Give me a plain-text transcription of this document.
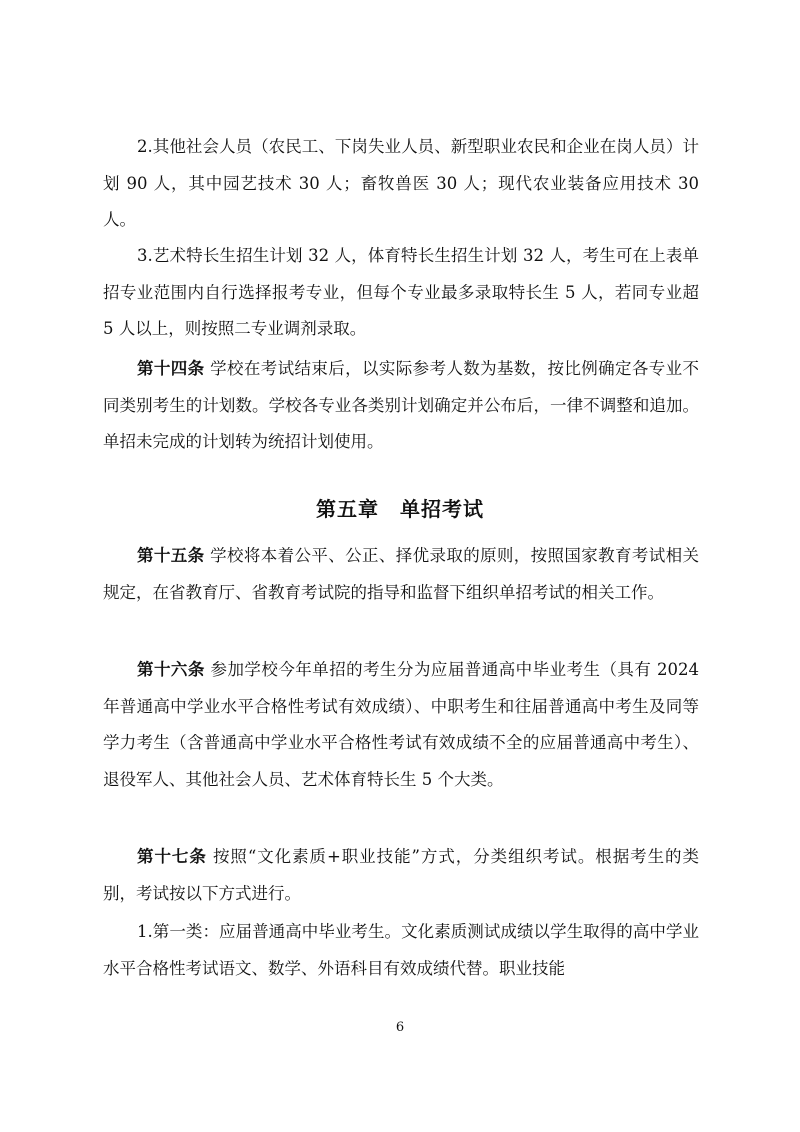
2.其他社会人员（农民工、下岗失业人员、新型职业农民和企业在岗人员）计划 90 人，其中园艺技术 30 人；畜牧兽医 30 人；现代农业装备应用技术 30 人。

3.艺术特长生招生计划 32 人，体育特长生招生计划 32 人，考生可在上表单招专业范围内自行选择报考专业，但每个专业最多录取特长生 5 人，若同专业超 5 人以上，则按照二专业调剂录取。

第十四条 学校在考试结束后，以实际参考人数为基数，按比例确定各专业不同类别考生的计划数。学校各专业各类别计划确定并公布后，一律不调整和追加。单招未完成的计划转为统招计划使用。

第五章　单招考试

第十五条 学校将本着公平、公正、择优录取的原则，按照国家教育考试相关规定，在省教育厅、省教育考试院的指导和监督下组织单招考试的相关工作。

第十六条 参加学校今年单招的考生分为应届普通高中毕业考生（具有 2024 年普通高中学业水平合格性考试有效成绩）、中职考生和往届普通高中考生及同等学力考生（含普通高中学业水平合格性考试有效成绩不全的应届普通高中考生）、退役军人、其他社会人员、艺术体育特长生 5 个大类。

第十七条 按照“文化素质+职业技能”方式，分类组织考试。根据考生的类别，考试按以下方式进行。

1.第一类：应届普通高中毕业考生。文化素质测试成绩以学生取得的高中学业水平合格性考试语文、数学、外语科目有效成绩代替。职业技能

6
